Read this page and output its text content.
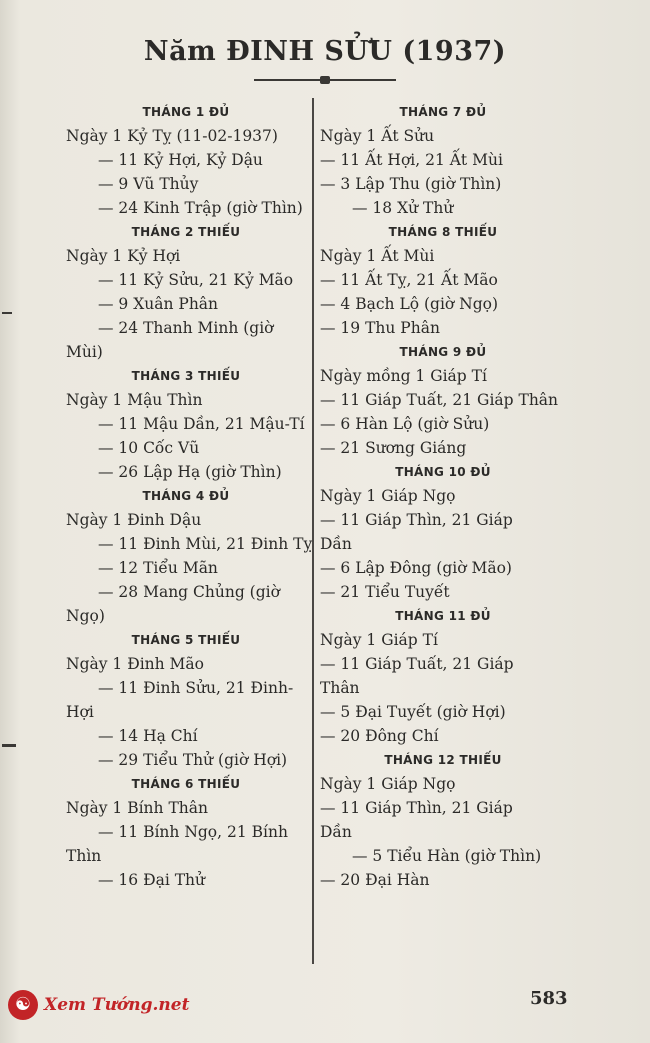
Năm ĐINH SỬU (1937)
THÁNG 1 ĐỦ
Ngày 1 Kỷ Tỵ (11-02-1937)
— 11 Kỷ Hợi, Kỷ Dậu
— 9 Vũ Thủy
— 24 Kinh Trập (giờ Thìn)
THÁNG 2 THIẾU
Ngày 1 Kỷ Hợi
— 11 Kỷ Sửu, 21 Kỷ Mão
— 9 Xuân Phân
— 24 Thanh Minh (giờ
Mùi)
THÁNG 3 THIẾU
Ngày 1 Mậu Thìn
— 11 Mậu Dần, 21 Mậu-Tí
— 10 Cốc Vũ
— 26 Lập Hạ (giờ Thìn)
THÁNG 4 ĐỦ
Ngày 1 Đinh Dậu
— 11 Đinh Mùi, 21 Đinh Tỵ
— 12 Tiểu Mãn
— 28 Mang Chủng (giờ
Ngọ)
THÁNG 5 THIẾU
Ngày 1 Đinh Mão
— 11 Đinh Sửu, 21 Đinh-
Hợi
— 14 Hạ Chí
— 29 Tiểu Thử (giờ Hợi)
THÁNG 6 THIẾU
Ngày 1 Bính Thân
— 11 Bính Ngọ, 21 Bính
Thìn
— 16 Đại Thử
THÁNG 7 ĐỦ
Ngày 1 Ất Sửu
— 11 Ất Hợi, 21 Ất Mùi
— 3 Lập Thu (giờ Thìn)
— 18 Xử Thử
THÁNG 8 THIẾU
Ngày 1 Ất Mùi
— 11 Ất Tỵ, 21 Ất Mão
— 4 Bạch Lộ (giờ Ngọ)
— 19 Thu Phân
THÁNG 9 ĐỦ
Ngày mồng 1 Giáp Tí
— 11 Giáp Tuất, 21 Giáp Thân
— 6 Hàn Lộ (giờ Sửu)
— 21 Sương Giáng
THÁNG 10 ĐỦ
Ngày 1 Giáp Ngọ
— 11 Giáp Thìn, 21 Giáp
Dần
— 6 Lập Đông (giờ Mão)
— 21 Tiểu Tuyết
THÁNG 11 ĐỦ
Ngày 1 Giáp Tí
— 11 Giáp Tuất, 21 Giáp
Thân
— 5 Đại Tuyết (giờ Hợi)
— 20 Đông Chí
THÁNG 12 THIẾU
Ngày 1 Giáp Ngọ
— 11 Giáp Thìn, 21 Giáp
Dần
— 5 Tiểu Hàn (giờ Thìn)
— 20 Đại Hàn
☯ Xem Tướng.net	583
